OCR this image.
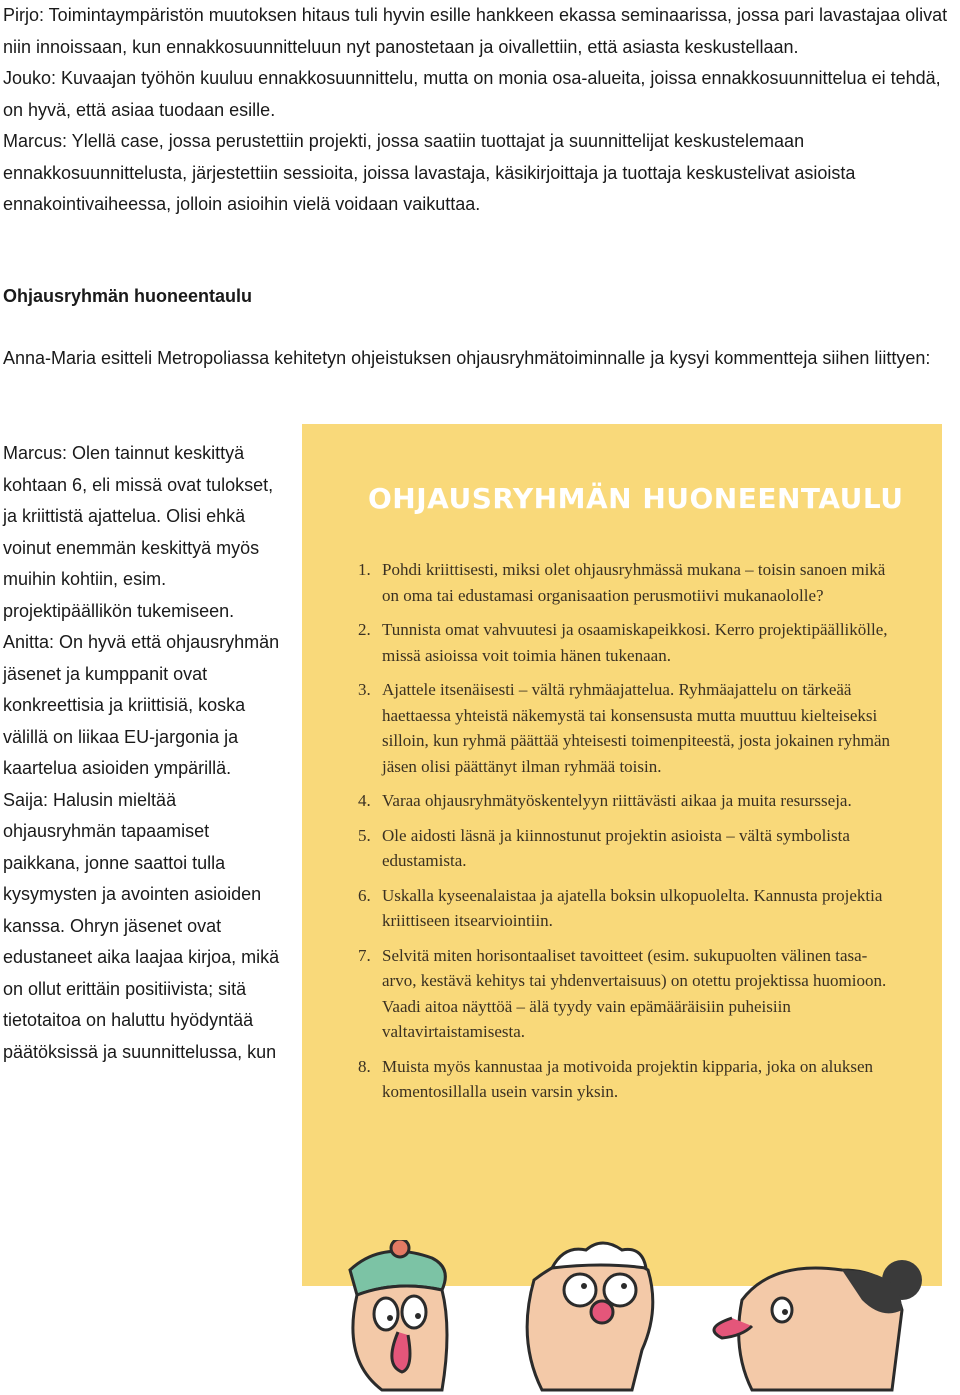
Pirjo: Toimintaympäristön muutoksen hitaus tuli hyvin esille hankkeen ekassa seminaarissa, jossa pari lavastajaa olivat niin innoissaan, kun ennakkosuunnitteluun nyt panostetaan ja oivallettiin, että asiasta keskustellaan.
Jouko: Kuvaajan työhön kuuluu ennakkosuunnittelu, mutta on monia osa-alueita, joissa ennakkosuunnittelua ei tehdä, on hyvä, että asiaa tuodaan esille.
Marcus: Ylellä case, jossa perustettiin projekti, jossa saatiin tuottajat ja suunnittelijat keskustelemaan ennakkosuunnittelusta, järjestettiin sessioita, joissa lavastaja, käsikirjoittaja ja tuottaja keskustelivat asioista ennakointivaiheessa, jolloin asioihin vielä voidaan vaikuttaa.
Ohjausryhmän huoneentaulu
Anna-Maria esitteli Metropoliassa kehitetyn ohjeistuksen ohjausryhmätoiminnalle ja kysyi kommentteja siihen liittyen:
Marcus: Olen tainnut keskittyä kohtaan 6, eli missä ovat tulokset, ja kriittistä ajattelua. Olisi ehkä voinut enemmän keskittyä myös muihin kohtiin, esim. projektipäällikön tukemiseen.
Anitta: On hyvä että ohjausryhmän jäsenet ja kumppanit ovat konkreettisia ja kriittisiä, koska välillä on liikaa EU-jargonia ja kaartelua asioiden ympärillä.
Saija: Halusin mieltää ohjausryhmän tapaamiset paikkana, jonne saattoi tulla kysymysten ja avointen asioiden kanssa. Ohryn jäsenet ovat edustaneet aika laajaa kirjoa, mikä on ollut erittäin positiivista; sitä tietotaitoa on haluttu hyödyntää päätöksissä ja suunnittelussa, kun
OHJAUSRYHMÄN HUONEENTAULU
1. Pohdi kriittisesti, miksi olet ohjausryhmässä mukana – toisin sanoen mikä on oma tai edustamasi organisaation perusmotiivi mukanaololle?
2. Tunnista omat vahvuutesi ja osaamiskapeikkosi. Kerro projektipäällikölle, missä asioissa voit toimia hänen tukenaan.
3. Ajattele itsenäisesti – vältä ryhmäajattelua. Ryhmäajattelu on tärkeää haettaessa yhteistä näkemystä tai konsensusta mutta muuttuu kielteiseksi silloin, kun ryhmä päättää yhteisesti toimenpiteestä, josta jokainen ryhmän jäsen olisi päättänyt ilman ryhmää toisin.
4. Varaa ohjausryhmätyöskentelyyn riittävästi aikaa ja muita resursseja.
5. Ole aidosti läsnä ja kiinnostunut projektin asioista – vältä symbolista edustamista.
6. Uskalla kyseenalaistaa ja ajatella boksin ulkopuolelta. Kannusta projektia kriittiseen itsearviointiin.
7. Selvitä miten horisontaaliset tavoitteet (esim. sukupuolten välinen tasa-arvo, kestävä kehitys tai yhdenvertaisuus) on otettu projektissa huomioon. Vaadi aitoa näyttöä – älä tyydy vain epämääräisiin puheisiin valtavirtaistamisesta.
8. Muista myös kannustaa ja motivoida projektin kipparia, joka on aluksen komentosillalla usein varsin yksin.
